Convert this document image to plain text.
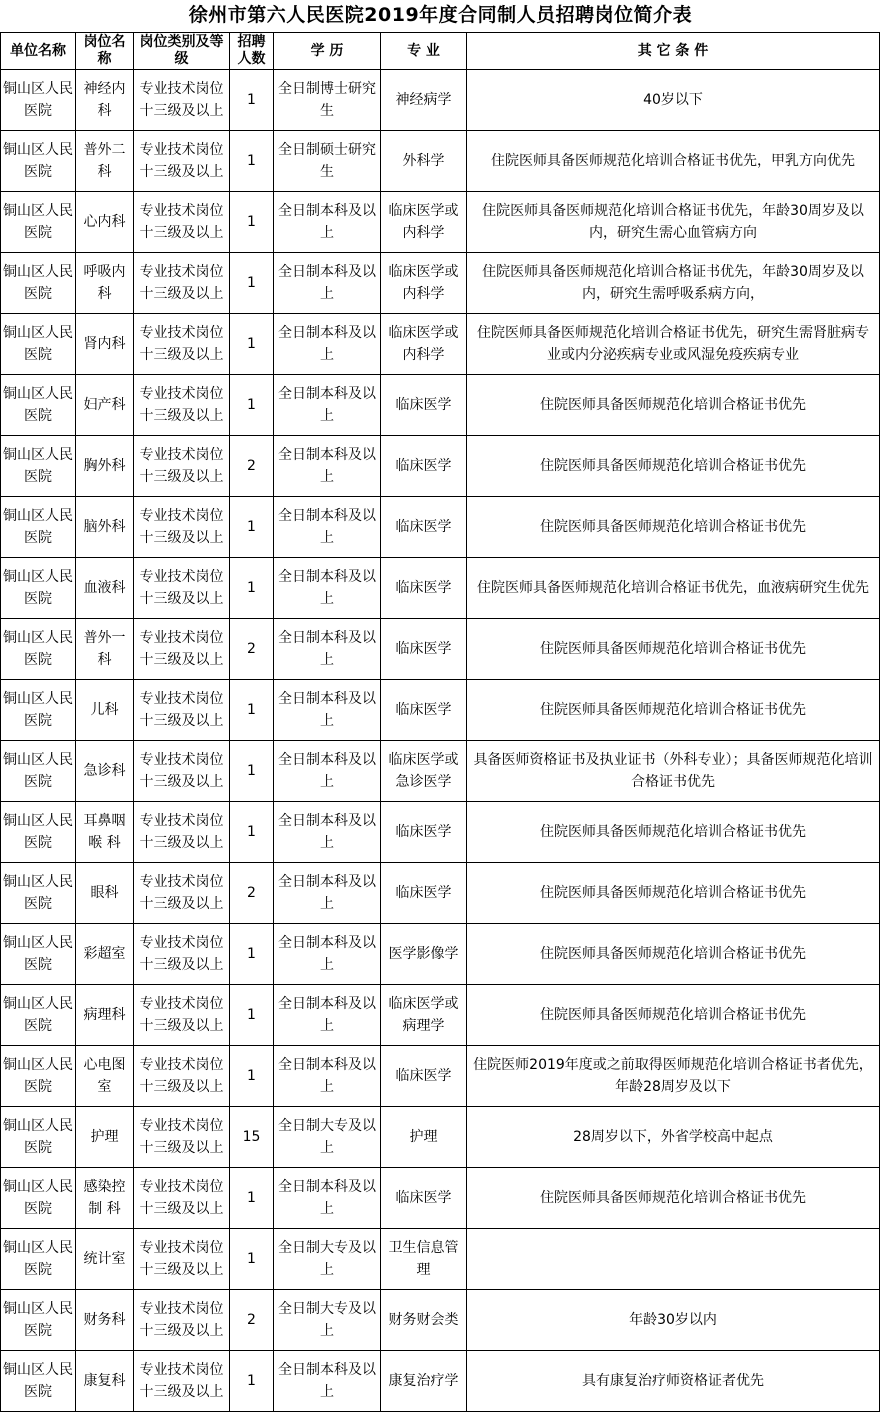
徐州市第六人民医院2019年度合同制人员招聘岗位简介表
单位名称	岗位名称	岗位类别及等级	招聘人数	学 历	专 业	其 它 条 件
铜山区人民医院	神经内科	专业技术岗位十三级及以上	1	全日制博士研究生	神经病学	40岁以下
铜山区人民医院	普外二科	专业技术岗位十三级及以上	1	全日制硕士研究生	外科学	住院医师具备医师规范化培训合格证书优先，甲乳方向优先
铜山区人民医院	心内科	专业技术岗位十三级及以上	1	全日制本科及以上	临床医学或内科学	住院医师具备医师规范化培训合格证书优先，年龄30周岁及以内，研究生需心血管病方向
铜山区人民医院	呼吸内科	专业技术岗位十三级及以上	1	全日制本科及以上	临床医学或内科学	住院医师具备医师规范化培训合格证书优先，年龄30周岁及以内，研究生需呼吸系病方向，
铜山区人民医院	肾内科	专业技术岗位十三级及以上	1	全日制本科及以上	临床医学或内科学	住院医师具备医师规范化培训合格证书优先，研究生需肾脏病专业或内分泌疾病专业或风湿免疫疾病专业
铜山区人民医院	妇产科	专业技术岗位十三级及以上	1	全日制本科及以上	临床医学	住院医师具备医师规范化培训合格证书优先
铜山区人民医院	胸外科	专业技术岗位十三级及以上	2	全日制本科及以上	临床医学	住院医师具备医师规范化培训合格证书优先
铜山区人民医院	脑外科	专业技术岗位十三级及以上	1	全日制本科及以上	临床医学	住院医师具备医师规范化培训合格证书优先
铜山区人民医院	血液科	专业技术岗位十三级及以上	1	全日制本科及以上	临床医学	住院医师具备医师规范化培训合格证书优先，血液病研究生优先
铜山区人民医院	普外一科	专业技术岗位十三级及以上	2	全日制本科及以上	临床医学	住院医师具备医师规范化培训合格证书优先
铜山区人民医院	儿科	专业技术岗位十三级及以上	1	全日制本科及以上	临床医学	住院医师具备医师规范化培训合格证书优先
铜山区人民医院	急诊科	专业技术岗位十三级及以上	1	全日制本科及以上	临床医学或急诊医学	具备医师资格证书及执业证书（外科专业）；具备医师规范化培训合格证书优先
铜山区人民医院	耳鼻咽喉 科	专业技术岗位十三级及以上	1	全日制本科及以上	临床医学	住院医师具备医师规范化培训合格证书优先
铜山区人民医院	眼科	专业技术岗位十三级及以上	2	全日制本科及以上	临床医学	住院医师具备医师规范化培训合格证书优先
铜山区人民医院	彩超室	专业技术岗位十三级及以上	1	全日制本科及以上	医学影像学	住院医师具备医师规范化培训合格证书优先
铜山区人民医院	病理科	专业技术岗位十三级及以上	1	全日制本科及以上	临床医学或病理学	住院医师具备医师规范化培训合格证书优先
铜山区人民医院	心电图室	专业技术岗位十三级及以上	1	全日制本科及以上	临床医学	住院医师2019年度或之前取得医师规范化培训合格证书者优先，年龄28周岁及以下
铜山区人民医院	护理	专业技术岗位十三级及以上	15	全日制大专及以上	护理	28周岁以下，外省学校高中起点
铜山区人民医院	感染控制 科	专业技术岗位十三级及以上	1	全日制本科及以上	临床医学	住院医师具备医师规范化培训合格证书优先
铜山区人民医院	统计室	专业技术岗位十三级及以上	1	全日制大专及以上	卫生信息管理	
铜山区人民医院	财务科	专业技术岗位十三级及以上	2	全日制大专及以上	财务财会类	年龄30岁以内
铜山区人民医院	康复科	专业技术岗位十三级及以上	1	全日制本科及以上	康复治疗学	具有康复治疗师资格证者优先
